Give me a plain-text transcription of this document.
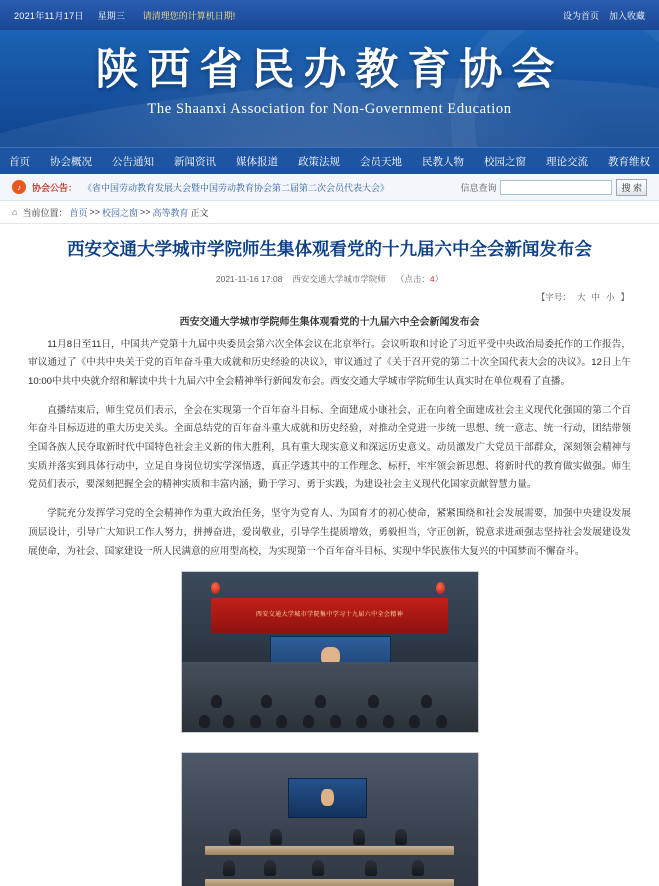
2021年11月17日 星期三 请清理您的计算机日期!	设为首页 加入收藏
陕西省民办教育协会
The Shaanxi Association for Non-Government Education
首页 协会概况 公告通知 新闻资讯 媒体报道 政策法规 会员天地 民教人物 校园之窗 理论交流 教育维权
♪	协会公告： 《省中国劳动教育发展大会暨中国劳动教育协会第二届第二次会员代表大会》	信息查询	搜 索
⌂ 当前位置： 首页 >> 校园之窗 >> 高等教育 正文
西安交通大学城市学院师生集体观看党的十九届六中全会新闻发布会
2021-11-16 17:08 西安交通大学城市学院师 （点击：4）
【字号： 大 中 小 】
西安交通大学城市学院师生集体观看党的十九届六中全会新闻发布会

11月8日至11日，中国共产党第十九届中央委员会第六次全体会议在北京举行。会议听取和讨论了习近平受中央政治局委托作的工作报告，审议通过了《中共中央关于党的百年奋斗重大成就和历史经验的决议》，审议通过了《关于召开党的第二十次全国代表大会的决议》。12日上午10:00中共中央就介绍和解读中共十九届六中全会精神举行新闻发布会。西安交通大学城市学院师生认真实时在单位观看了直播。

直播结束后，师生党员们表示，全会在实现第一个百年奋斗目标、全面建成小康社会、正在向着全面建成社会主义现代化强国的第二个百年奋斗目标迈进的重大历史关头。全面总结党的百年奋斗重大成就和历史经验，对推动全党进一步统一思想、统一意志、统一行动，团结带领全国各族人民夺取新时代中国特色社会主义新的伟大胜利，具有重大现实意义和深远历史意义。动员激发广大党员干部群众，深刻领会精神与实质并落实到具体行动中，立足自身岗位切实学深悟透，真正学透其中的工作理念、标杆，牢牢领会新思想、将新时代的教育做实做强。师生党员们表示，要深刻把握全会的精神实质和丰富内涵，勤于学习、勇于实践，为建设社会主义现代化国家贡献智慧力量。

学院充分发挥学习党的全会精神作为重大政治任务，坚守为党育人、为国育才的初心使命，紧紧围绕和社会发展需要，加强中央建设发展顶层设计，引导广大知识工作人努力，拼搏奋进，爱岗敬业，引导学生提质增效，勇毅担当，守正创新，锐意求进顽强志坚持社会发展建设发展使命，为社会、国家建设一所人民满意的应用型高校，为实现第一个百年奋斗目标、实现中华民族伟大复兴的中国梦而不懈奋斗。

西安交通大学城市学院集中学习十九届六中全会精神
